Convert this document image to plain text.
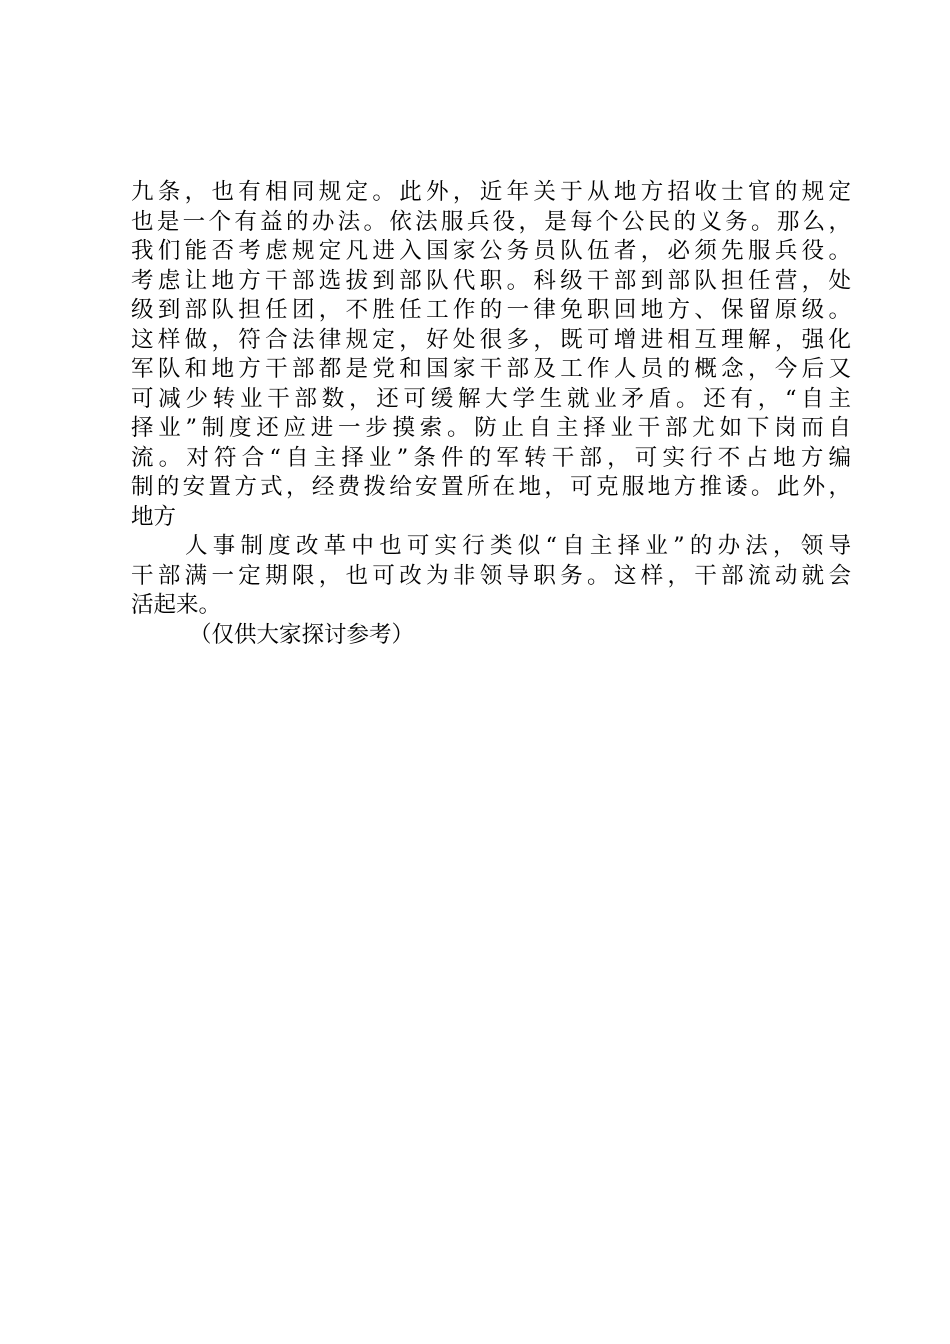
九条，也有相同规定。此外，近年关于从地方招收士官的规定
也是一个有益的办法。依法服兵役，是每个公民的义务。那么，
我们能否考虑规定凡进入国家公务员队伍者，必须先服兵役。
考虑让地方干部选拔到部队代职。科级干部到部队担任营，处
级到部队担任团，不胜任工作的一律免职回地方、保留原级。
这样做，符合法律规定，好处很多，既可增进相互理解，强化
军队和地方干部都是党和国家干部及工作人员的概念，今后又
可减少转业干部数，还可缓解大学生就业矛盾。还有，“自主
择业”制度还应进一步摸索。防止自主择业干部尤如下岗而自
流。对符合“自主择业”条件的军转干部，可实行不占地方编
制的安置方式，经费拨给安置所在地，可克服地方推诿。此外，
地方
人事制度改革中也可实行类似“自主择业”的办法，领导
干部满一定期限，也可改为非领导职务。这样，干部流动就会
活起来。
（仅供大家探讨参考）
